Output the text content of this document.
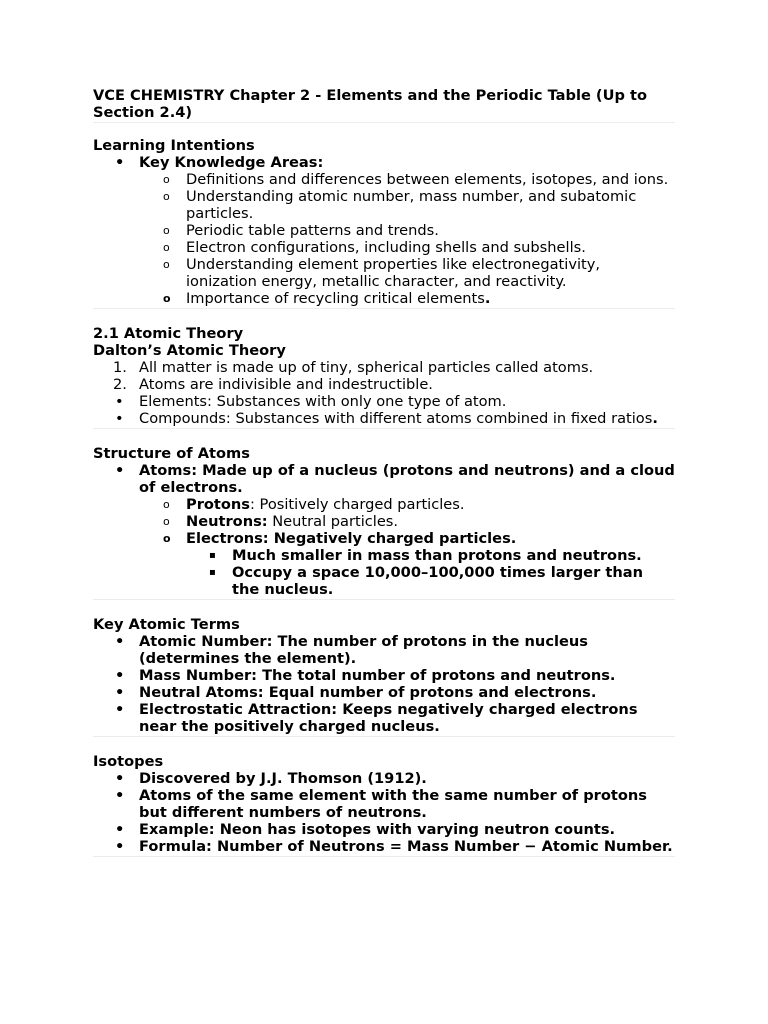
VCE CHEMISTRY Chapter 2 - Elements and the Periodic Table (Up to Section 2.4)
Learning Intentions
• Key Knowledge Areas:
o Definitions and differences between elements, isotopes, and ions.
o Understanding atomic number, mass number, and subatomic particles.
o Periodic table patterns and trends.
o Electron configurations, including shells and subshells.
o Understanding element properties like electronegativity, ionization energy, metallic character, and reactivity.
o Importance of recycling critical elements.
2.1 Atomic Theory
Dalton’s Atomic Theory
1. All matter is made up of tiny, spherical particles called atoms.
2. Atoms are indivisible and indestructible.
• Elements: Substances with only one type of atom.
• Compounds: Substances with different atoms combined in fixed ratios.
Structure of Atoms
• Atoms: Made up of a nucleus (protons and neutrons) and a cloud of electrons.
o Protons: Positively charged particles.
o Neutrons: Neutral particles.
o Electrons: Negatively charged particles.
▪ Much smaller in mass than protons and neutrons.
▪ Occupy a space 10,000–100,000 times larger than the nucleus.
Key Atomic Terms
• Atomic Number: The number of protons in the nucleus (determines the element).
• Mass Number: The total number of protons and neutrons.
• Neutral Atoms: Equal number of protons and electrons.
• Electrostatic Attraction: Keeps negatively charged electrons near the positively charged nucleus.
Isotopes
• Discovered by J.J. Thomson (1912).
• Atoms of the same element with the same number of protons but different numbers of neutrons.
• Example: Neon has isotopes with varying neutron counts.
• Formula: Number of Neutrons = Mass Number − Atomic Number.
